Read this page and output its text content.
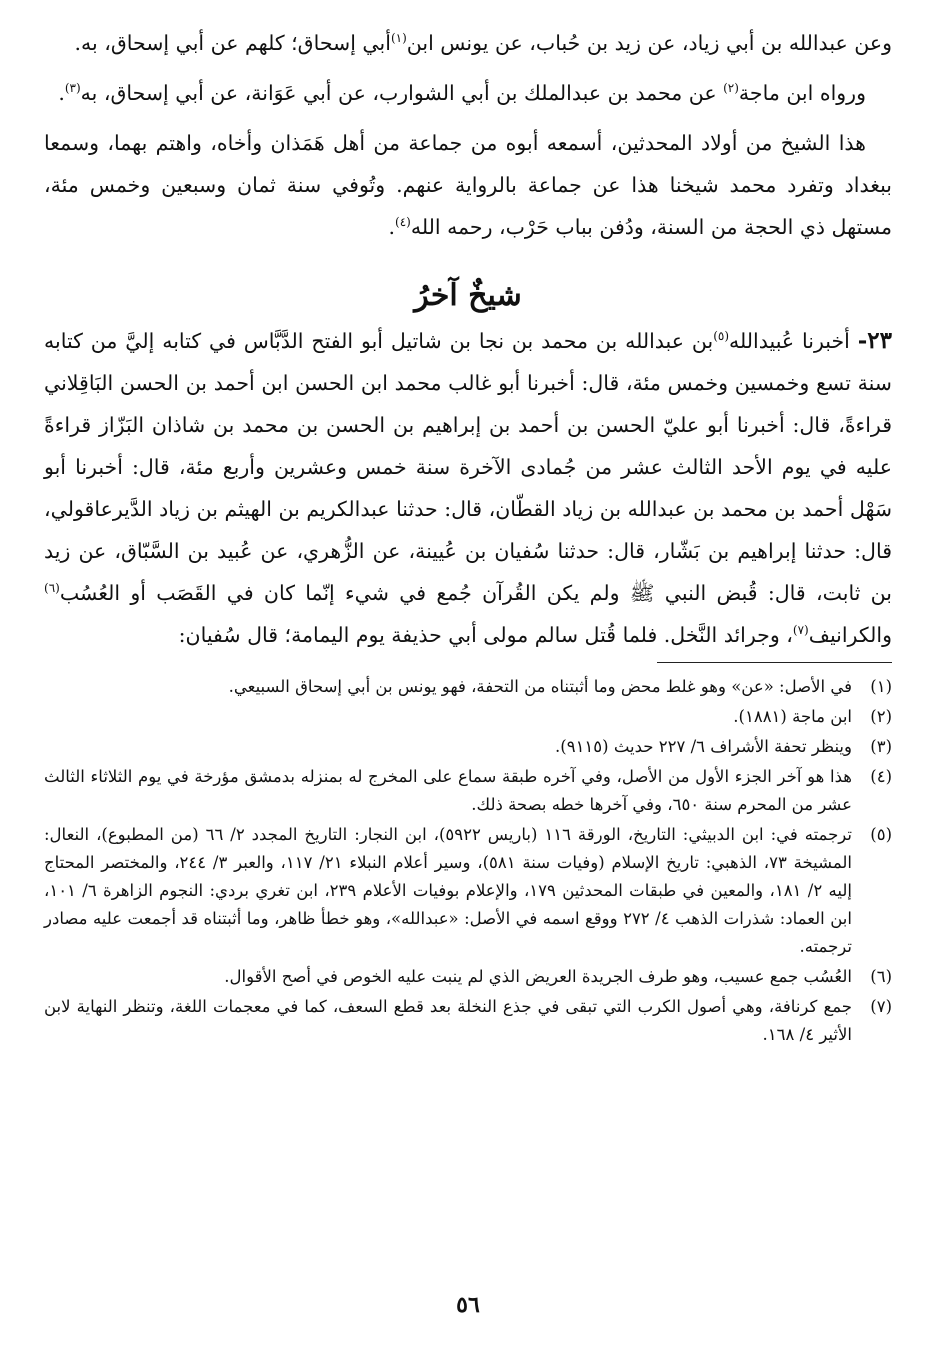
وعن عبدالله بن أبي زياد، عن زيد بن حُباب، عن يونس ابن$^{(١)}$أبي إسحاق؛ كلهم عن أبي إسحاق، به.

ورواه ابن ماجة$^{(٢)}$ عن محمد بن عبدالملك بن أبي الشوارب، عن أبي عَوَانة، عن أبي إسحاق، به$^{(٣)}$.

هذا الشيخ من أولاد المحدثين، أسمعه أبوه من جماعة من أهل هَمَذان وأخاه، واهتم بهما، وسمعا ببغداد وتفرد محمد شيخنا هذا عن جماعة بالرواية عنهم. وتُوفي سنة ثمان وسبعين وخمس مئة، مستهل ذي الحجة من السنة، ودُفن بباب حَرْب، رحمه الله$^{(٤)}$.

شيخٌ آخرُ

٢٣- أخبرنا عُبيدالله$^{(٥)}$بن عبدالله بن محمد بن نجا بن شاتيل أبو الفتح الدَّبَّاس في كتابه إليَّ من كتابه سنة تسع وخمسين وخمس مئة، قال: أخبرنا أبو غالب محمد ابن الحسن ابن أحمد بن الحسن البَاقِلاني قراءةً، قال: أخبرنا أبو عليّ الحسن بن أحمد بن إبراهيم بن الحسن بن محمد بن شاذان البَزّاز قراءةً عليه في يوم الأحد الثالث عشر من جُمادى الآخرة سنة خمس وعشرين وأربع مئة، قال: أخبرنا أبو سَهْل أحمد بن محمد بن عبدالله بن زياد القطّان، قال: حدثنا عبدالكريم بن الهيثم بن زياد الدَّيرعاقولي، قال: حدثنا إبراهيم بن بَشّار، قال: حدثنا سُفيان بن عُيينة، عن الزُّهري، عن عُبيد بن السَّبّاق، عن زيد بن ثابت، قال: قُبض النبي ﷺ ولم يكن القُرآن جُمع في شيء إنّما كان في القَصَب أو العُسُب$^{(٦)}$ والكرانيف$^{(٧)}$، وجرائد النَّخل. فلما قُتل سالم مولى أبي حذيفة يوم اليمامة؛ قال سُفيان:

(١)
في الأصل: «عن» وهو غلط محض وما أثبتناه من التحفة، فهو يونس بن أبي إسحاق السبيعي.
(٢)
ابن ماجة (١٨٨١).
(٣)
وينظر تحفة الأشراف ٦/ ٢٢٧ حديث (٩١١٥).
(٤)
هذا هو آخر الجزء الأول من الأصل، وفي آخره طبقة سماع على المخرج له بمنزله بدمشق مؤرخة في يوم الثلاثاء الثالث عشر من المحرم سنة ٦٥٠، وفي آخرها خطه بصحة ذلك.
(٥)
ترجمته في: ابن الدبيثي: التاريخ، الورقة ١١٦ (باريس ٥٩٢٢)، ابن النجار: التاريخ المجدد ٢/ ٦٦ (من المطبوع)، النعال: المشيخة ٧٣، الذهبي: تاريخ الإسلام (وفيات سنة ٥٨١)، وسير أعلام النبلاء ٢١/ ١١٧، والعبر ٣/ ٢٤٤، والمختصر المحتاج إليه ٢/ ١٨١، والمعين في طبقات المحدثين ١٧٩، والإعلام بوفيات الأعلام ٢٣٩، ابن تغري بردي: النجوم الزاهرة ٦/ ١٠١، ابن العماد: شذرات الذهب ٤/ ٢٧٢ ووقع اسمه في الأصل: «عبدالله»، وهو خطأ ظاهر، وما أثبتناه قد أجمعت عليه مصادر ترجمته.
(٦)
العُسُب جمع عسيب، وهو طرف الجريدة العريض الذي لم ينبت عليه الخوص في أصح الأقوال.
(٧)
جمع كرنافة، وهي أصول الكرب التي تبقى في جذع النخلة بعد قطع السعف، كما في معجمات اللغة، وتنظر النهاية لابن الأثير ٤/ ١٦٨.
٥٦
